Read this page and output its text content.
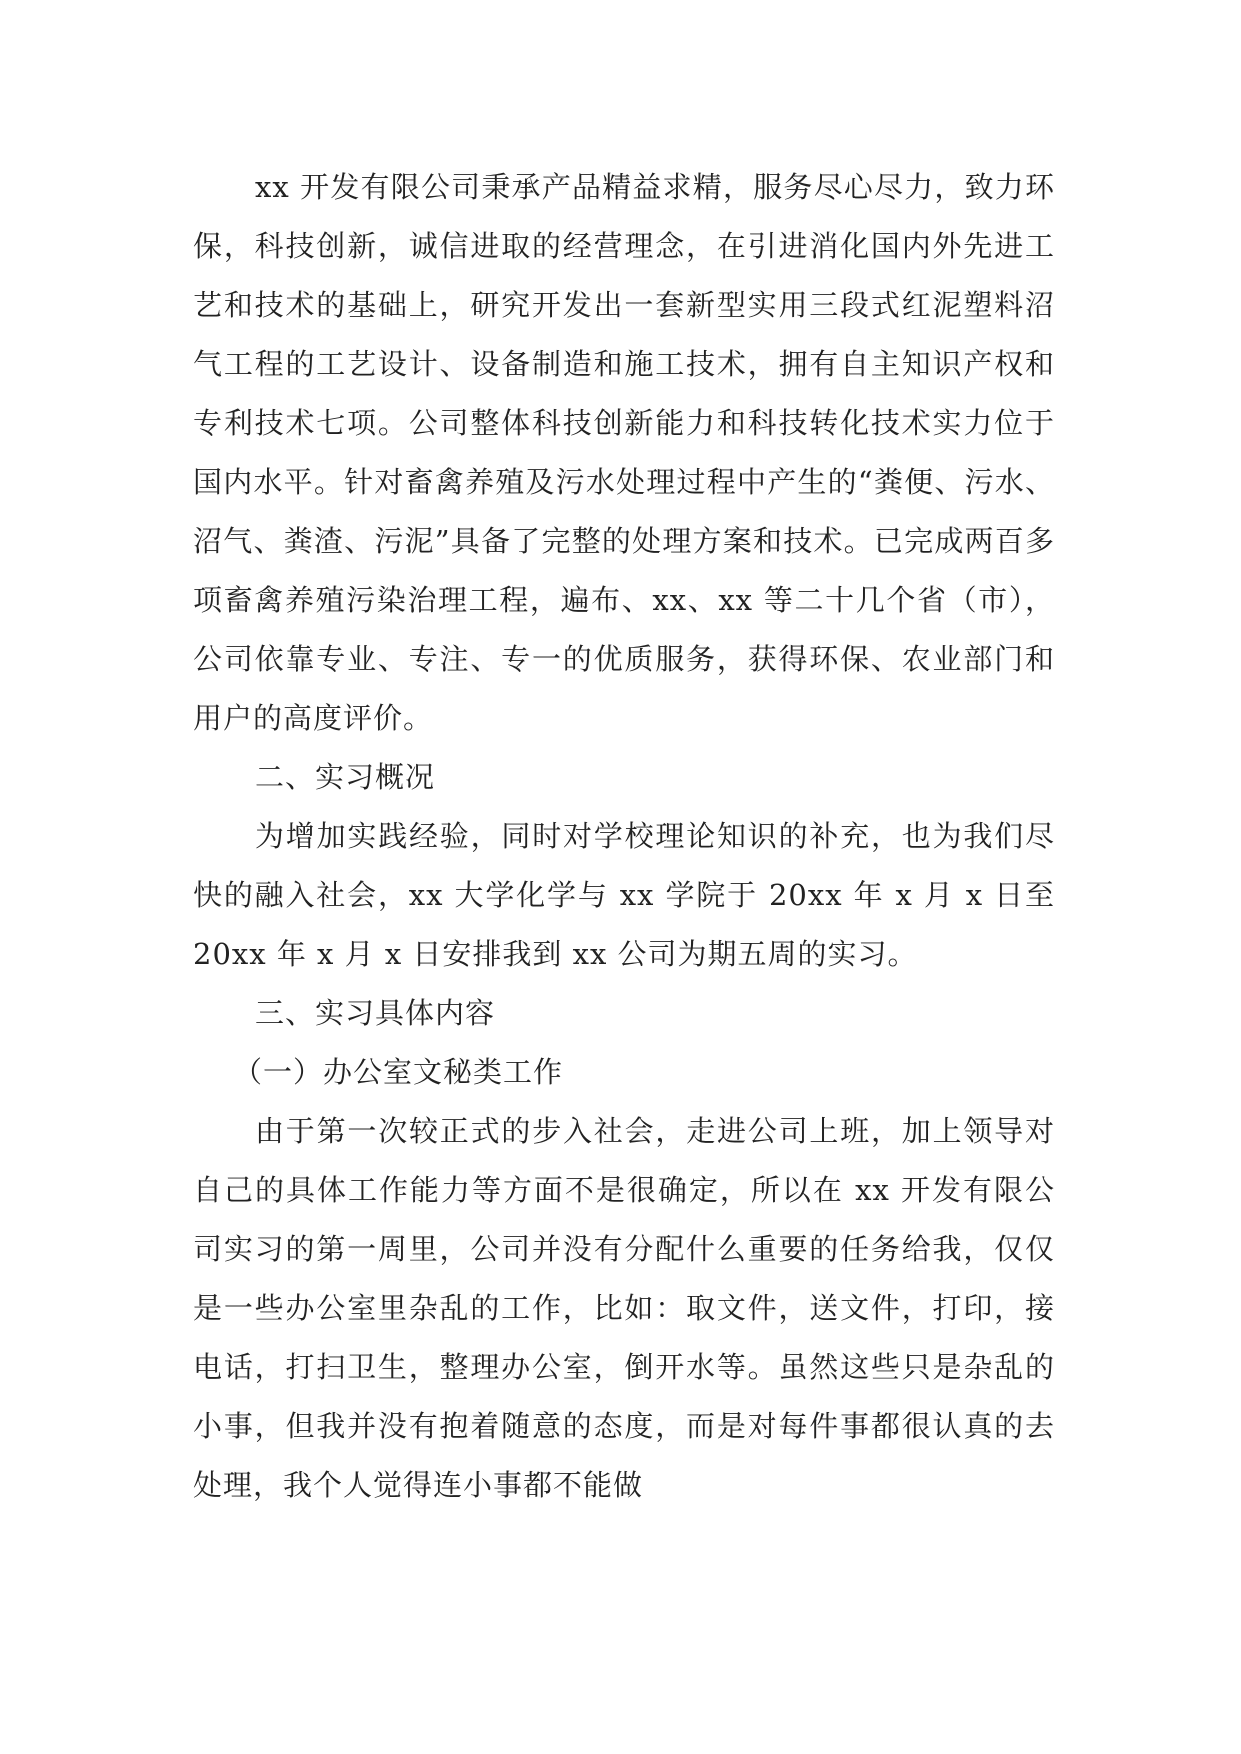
xx 开发有限公司秉承产品精益求精，服务尽心尽力，致力环保，科技创新，诚信进取的经营理念，在引进消化国内外先进工艺和技术的基础上，研究开发出一套新型实用三段式红泥塑料沼气工程的工艺设计、设备制造和施工技术，拥有自主知识产权和专利技术七项。公司整体科技创新能力和科技转化技术实力位于国内水平。针对畜禽养殖及污水处理过程中产生的“粪便、污水、沼气、粪渣、污泥”具备了完整的处理方案和技术。已完成两百多项畜禽养殖污染治理工程，遍布、xx、xx 等二十几个省（市），公司依靠专业、专注、专一的优质服务，获得环保、农业部门和用户的高度评价。

二、实习概况

为增加实践经验，同时对学校理论知识的补充，也为我们尽快的融入社会，xx 大学化学与 xx 学院于 20xx 年 x 月 x 日至 20xx 年 x 月 x 日安排我到 xx 公司为期五周的实习。

三、实习具体内容

（一）办公室文秘类工作

由于第一次较正式的步入社会，走进公司上班，加上领导对自己的具体工作能力等方面不是很确定，所以在 xx 开发有限公司实习的第一周里，公司并没有分配什么重要的任务给我，仅仅是一些办公室里杂乱的工作，比如：取文件，送文件，打印，接电话，打扫卫生，整理办公室，倒开水等。虽然这些只是杂乱的小事，但我并没有抱着随意的态度，而是对每件事都很认真的去处理，我个人觉得连小事都不能做
